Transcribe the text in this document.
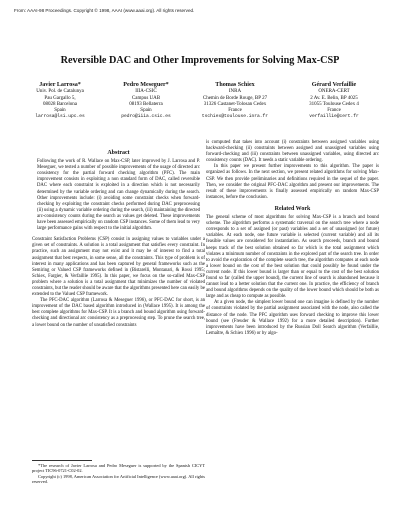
From: AAAI-98 Proceedings. Copyright © 1998, AAAI (www.aaai.org). All rights reserved.
Reversible DAC and Other Improvements for Solving Max-CSP
Javier Larrosa*
Univ. Pol. de Catalunya
Pau Gargallo 5,
08028 Barcelona
Spain
larrosa@lsi.upc.es
Pedro Meseguer*
IIIA-CSIC
Campus UAB
08193 Bellaterra
Spain
pedro@iiia.csic.es
Thomas Schiex
INRA
Chemin de Borde Rouge, BP 27
31326 Castanet-Tolosan Cedex
France
tschiex@toulouse.inra.fr
Gérard Verfaillie
ONERA-CERT
2 Av. E. Belin, BP 4025
31055 Toulouse Cedex 4
France
verfaillie@cert.fr
Abstract

Following the work of R. Wallace on Max-CSP, later improved by J. Larrosa and P. Meseguer, we tested a number of possible improvements of the usage of directed arc consistency for the partial forward checking algorithm (PFC). The main improvement consists in exploiting a non standard form of DAC, called reversible DAC where each constraint is exploited in a direction which is not necessarily determined by the variable ordering and can change dynamically during the search. Other improvements include: (i) avoiding some constraint checks when forward-checking by exploiting the constraint checks performed during DAC preprocessing (ii) using a dynamic variable ordering during the search, (iii) maintaining the directed arc-consistency counts during the search as values get deleted. These improvements have been assessed empirically on random CSP instances. Some of them lead to very large performance gains with respect to the initial algorithm.

Constraint Satisfaction Problems (CSP) consist in assigning values to variables under a given set of constraints. A solution is a total assignment that satisfies every constraint. In practice, such an assignment may not exist and it may be of interest to find a total assignment that best respects, in some sense, all the constraints. This type of problem is of interest in many applications and has been captured by general frameworks such as the Semiring or Valued CSP frameworks defined in (Bistarelli, Montanari, & Rossi 1995; Schiex, Fargier, & Verfaillie 1995). In this paper, we focus on the so-called Max-CSP problem where a solution is a total assignment that minimizes the number of violated constraints, but the reader should be aware that the algorithms presented here can easily be extended to the Valued CSP framework.

The PFC-DAC algorithm (Larrosa & Meseguer 1996), or PFC-DAC for short, is an improvement of the DAC based algorithm introduced in (Wallace 1995). It is among the best complete algorithms for Max-CSP. It is a branch and bound algorithm using forward-checking and directional arc consistency as a preprocessing step. To prune the search tree, a lower bound on the number of unsatisfied constraints

*The research of Javier Larrosa and Pedro Meseguer is supported by the Spanish CICYT project TIC96-0721-C02-02.

Copyright (c) 1998, American Association for Artificial Intelligence (www.aaai.org). All rights reserved.

is computed that takes into account (i) constraints between assigned variables using backward-checking (ii) constraints between assigned and unassigned variables using forward-checking and (iii) constraints between unassigned variables, using directed arc consistency counts (DAC). It needs a static variable ordering.

In this paper we present further improvements to this algorithm. The paper is organized as follows. In the next section, we present related algorithms for solving Max-CSP. We then provide preliminaries and definitions required in the sequel of the paper. Then, we consider the original PFC-DAC algorithm and present our improvements. The result of these improvements is finally assessed empirically on random Max-CSP instances, before the conclusion.

Related Work

The general scheme of most algorithms for solving Max-CSP is a branch and bound scheme. The algorithm performs a systematic traversal on the search tree where a node corresponds to a set of assigned (or past) variables and a set of unassigned (or future) variables. At each node, one future variable is selected (current variable) and all its feasible values are considered for instantiation. As search proceeds, branch and bound keeps track of the best solution obtained so far which is the total assignment which violates a minimum number of constraints in the explored part of the search tree. In order to avoid the exploration of the complete search tree, the algorithm computes at each node a lower bound on the cost of the best solution that could possibly be found under the current node. If this lower bound is larger than or equal to the cost of the best solution found so far (called the upper bound), the current line of search is abandoned because it cannot lead to a better solution that the current one. In practice, the efficiency of branch and bound algorithms depends on the quality of the lower bound which should be both as large and as cheap to compute as possible.

At a given node, the simplest lower bound one can imagine is defined by the number of constraints violated by the partial assignment associated with the node, also called the distance of the node. The PFC algorithm uses forward checking to improve this lower bound (see (Freuder & Wallace 1992) for a more detailed description). Further improvements have been introduced by the Russian Doll Search algorithm (Verfaillie, Lemaître, & Schiex 1996) or by algo-
